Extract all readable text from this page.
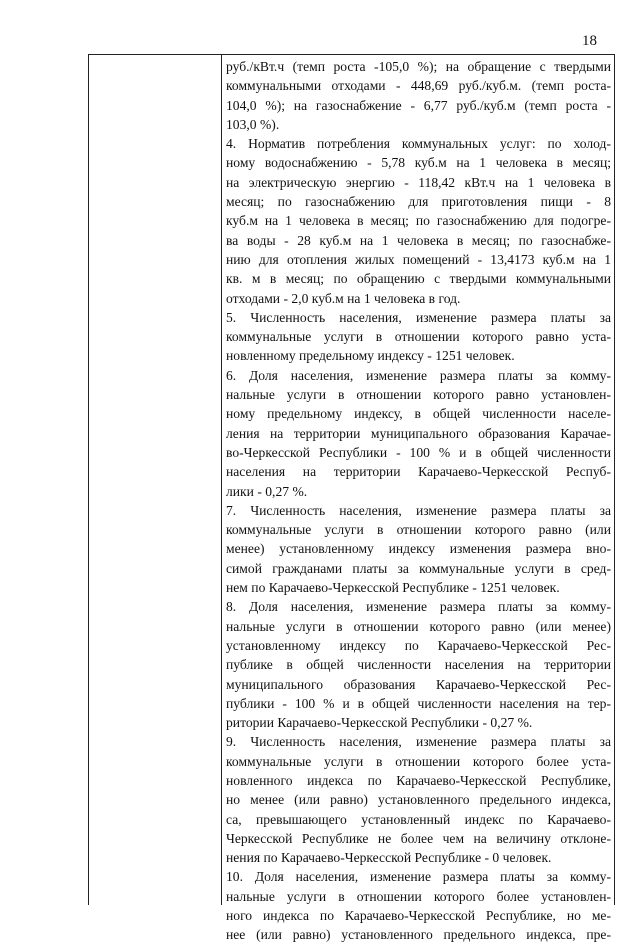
18
руб./кВт.ч (темп роста -105,0 %); на обращение с твердыми
коммунальными отходами - 448,69 руб./куб.м. (темп роста-
104,0 %); на газоснабжение - 6,77 руб./куб.м (темп роста -
103,0 %).
4. Норматив потребления коммунальных услуг: по холод-
ному водоснабжению - 5,78 куб.м на 1 человека в месяц;
на электрическую энергию - 118,42 кВт.ч на 1 человека в
месяц; по газоснабжению для приготовления пищи - 8
куб.м на 1 человека в месяц; по газоснабжению для подогре-
ва воды - 28 куб.м на 1 человека в месяц; по газоснабже-
нию для отопления жилых помещений - 13,4173 куб.м на 1
кв. м в месяц; по обращению с твердыми коммунальными
отходами - 2,0 куб.м на 1 человека в год.
5. Численность населения, изменение размера платы за
коммунальные услуги в отношении которого равно уста-
новленному предельному индексу - 1251 человек.
6. Доля населения, изменение размера платы за комму-
нальные услуги в отношении которого равно установлен-
ному предельному индексу, в общей численности населе-
ления на территории муниципального образования Карачае-
во-Черкесской Республики - 100 % и в общей численности
населения на территории Карачаево-Черкесской Респуб-
лики - 0,27 %.
7. Численность населения, изменение размера платы за
коммунальные услуги в отношении которого равно (или
менее) установленному индексу изменения размера вно-
симой гражданами платы за коммунальные услуги в сред-
нем по Карачаево-Черкесской Республике - 1251 человек.
8. Доля населения, изменение размера платы за комму-
нальные услуги в отношении которого равно (или менее)
установленному индексу по Карачаево-Черкесской Рес-
публике в общей численности населения на территории
муниципального образования Карачаево-Черкесской Рес-
публики - 100 % и в общей численности населения на тер-
ритории Карачаево-Черкесской Республики - 0,27 %.
9. Численность населения, изменение размера платы за
коммунальные услуги в отношении которого более уста-
новленного индекса по Карачаево-Черкесской Республике,
но менее (или равно) установленного предельного индекса,
са, превышающего установленный индекс по Карачаево-
Черкесской Республике не более чем на величину отклоне-
нения по Карачаево-Черкесской Республике - 0 человек.
10. Доля населения, изменение размера платы за комму-
нальные услуги в отношении которого более установлен-
ного индекса по Карачаево-Черкесской Республике, но ме-
нее (или равно) установленного предельного индекса, пре-
